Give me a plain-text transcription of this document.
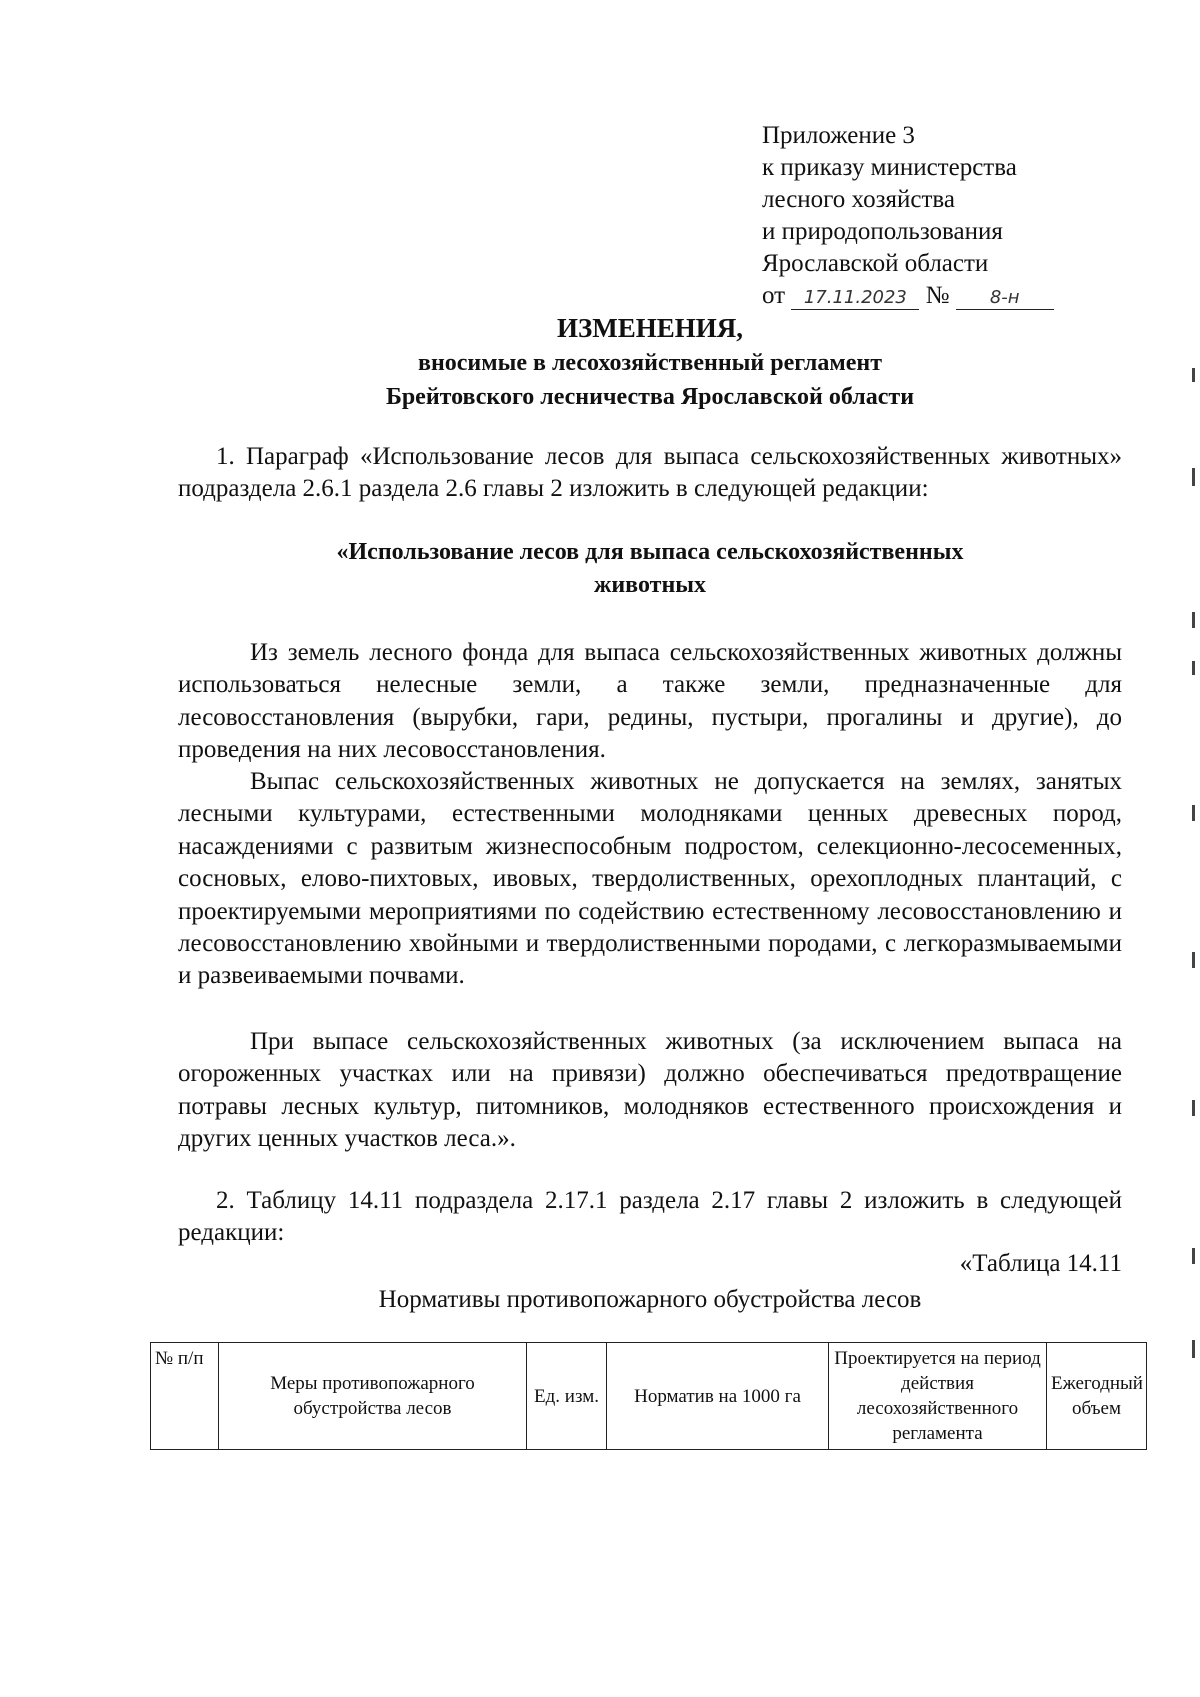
Приложение 3
к приказу министерства
лесного хозяйства
и природопользования
Ярославской области
от 17.11.2023 № 8-н
ИЗМЕНЕНИЯ,
вносимые в лесохозяйственный регламент
Брейтовского лесничества Ярославской области
1. Параграф «Использование лесов для выпаса сельскохозяйственных животных» подраздела 2.6.1 раздела 2.6 главы 2 изложить в следующей редакции:
«Использование лесов для выпаса сельскохозяйственных
животных
Из земель лесного фонда для выпаса сельскохозяйственных животных должны использоваться нелесные земли, а также земли, предназначенные для лесовосстановления (вырубки, гари, редины, пустыри, прогалины и другие), до проведения на них лесовосстановления.
Выпас сельскохозяйственных животных не допускается на землях, занятых лесными культурами, естественными молодняками ценных древесных пород, насаждениями с развитым жизнеспособным подростом, селекционно-лесосеменных, сосновых, елово-пихтовых, ивовых, твердолиственных, орехоплодных плантаций, с проектируемыми мероприятиями по содействию естественному лесовосстановлению и лесовосстановлению хвойными и твердолиственными породами, с легкоразмываемыми и развеиваемыми почвами.
При выпасе сельскохозяйственных животных (за исключением выпаса на огороженных участках или на привязи) должно обеспечиваться предотвращение потравы лесных культур, питомников, молодняков естественного происхождения и других ценных участков леса.».
2. Таблицу 14.11 подраздела 2.17.1 раздела 2.17 главы 2 изложить в следующей редакции:
«Таблица 14.11
Нормативы противопожарного обустройства лесов
№ п/п	Меры противопожарного обустройства лесов	Ед. изм.	Норматив на 1000 га	Проектируется на период действия лесохозяйственного регламента	Ежегодный объем
